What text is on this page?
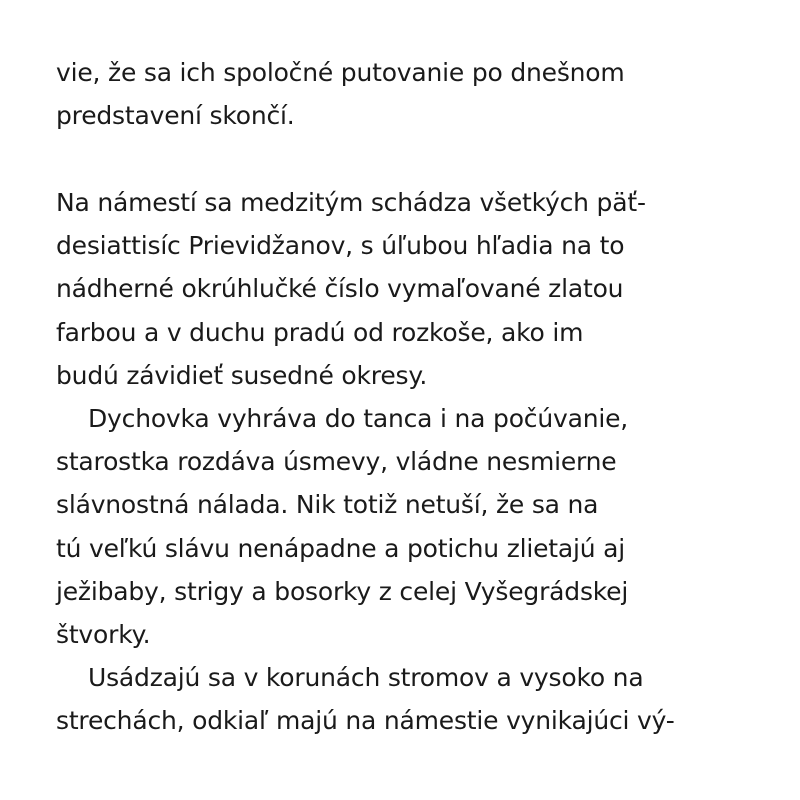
vie, že sa ich spoločné putovanie po dnešnom
predstavení skončí.
Na námestí sa medzitým schádza všetkých päť-
desiattisíc Prievidžanov, s úľubou hľadia na to
nádherné okrúhlučké číslo vymaľované zlatou
farbou a v duchu pradú od rozkoše, ako im
budú závidieť susedné okresy.
Dychovka vyhráva do tanca i na počúvanie,
starostka rozdáva úsmevy, vládne nesmierne
slávnostná nálada. Nik totiž netuší, že sa na
tú veľkú slávu nenápadne a potichu zlietajú aj
ježibaby, strigy a bosorky z celej Vyšegrádskej
štvorky.
Usádzajú sa v korunách stromov a vysoko na
strechách, odkiaľ majú na námestie vynikajúci vý-
